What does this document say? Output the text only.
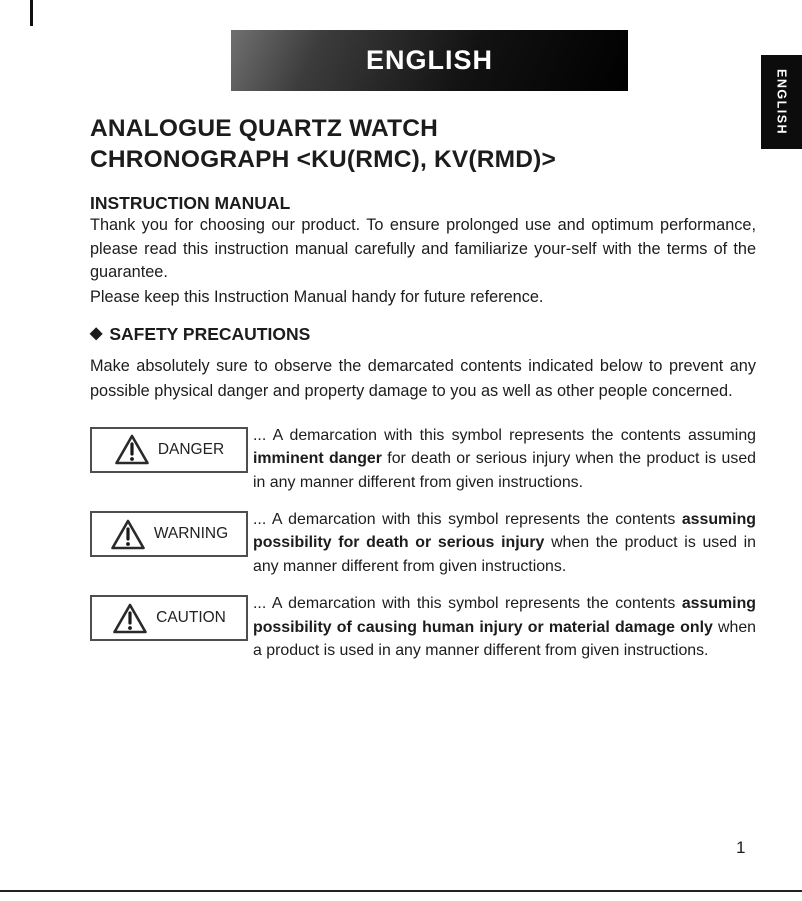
ENGLISH
ENGLISH
ANALOGUE QUARTZ WATCH
CHRONOGRAPH <KU(RMC), KV(RMD)>
INSTRUCTION MANUAL

Thank you for choosing our product. To ensure prolonged use and optimum performance, please read this instruction manual carefully and familiarize your-self with the terms of the guarantee.

Please keep this Instruction Manual handy for future reference.

◆ SAFETY PRECAUTIONS

Make absolutely sure to observe the demarcated contents indicated below to prevent any possible physical danger and property damage to you as well as other people concerned.

DANGER

... A demarcation with this symbol represents the contents assuming imminent danger for death or serious injury when the product is used in any manner different from given instructions.

WARNING

... A demarcation with this symbol represents the contents assuming possibility for death or serious injury when the product is used in any manner different from given instructions.

CAUTION

... A demarcation with this symbol represents the contents assuming possibility of causing human injury or material damage only when a product is used in any manner different from given instructions.

1
